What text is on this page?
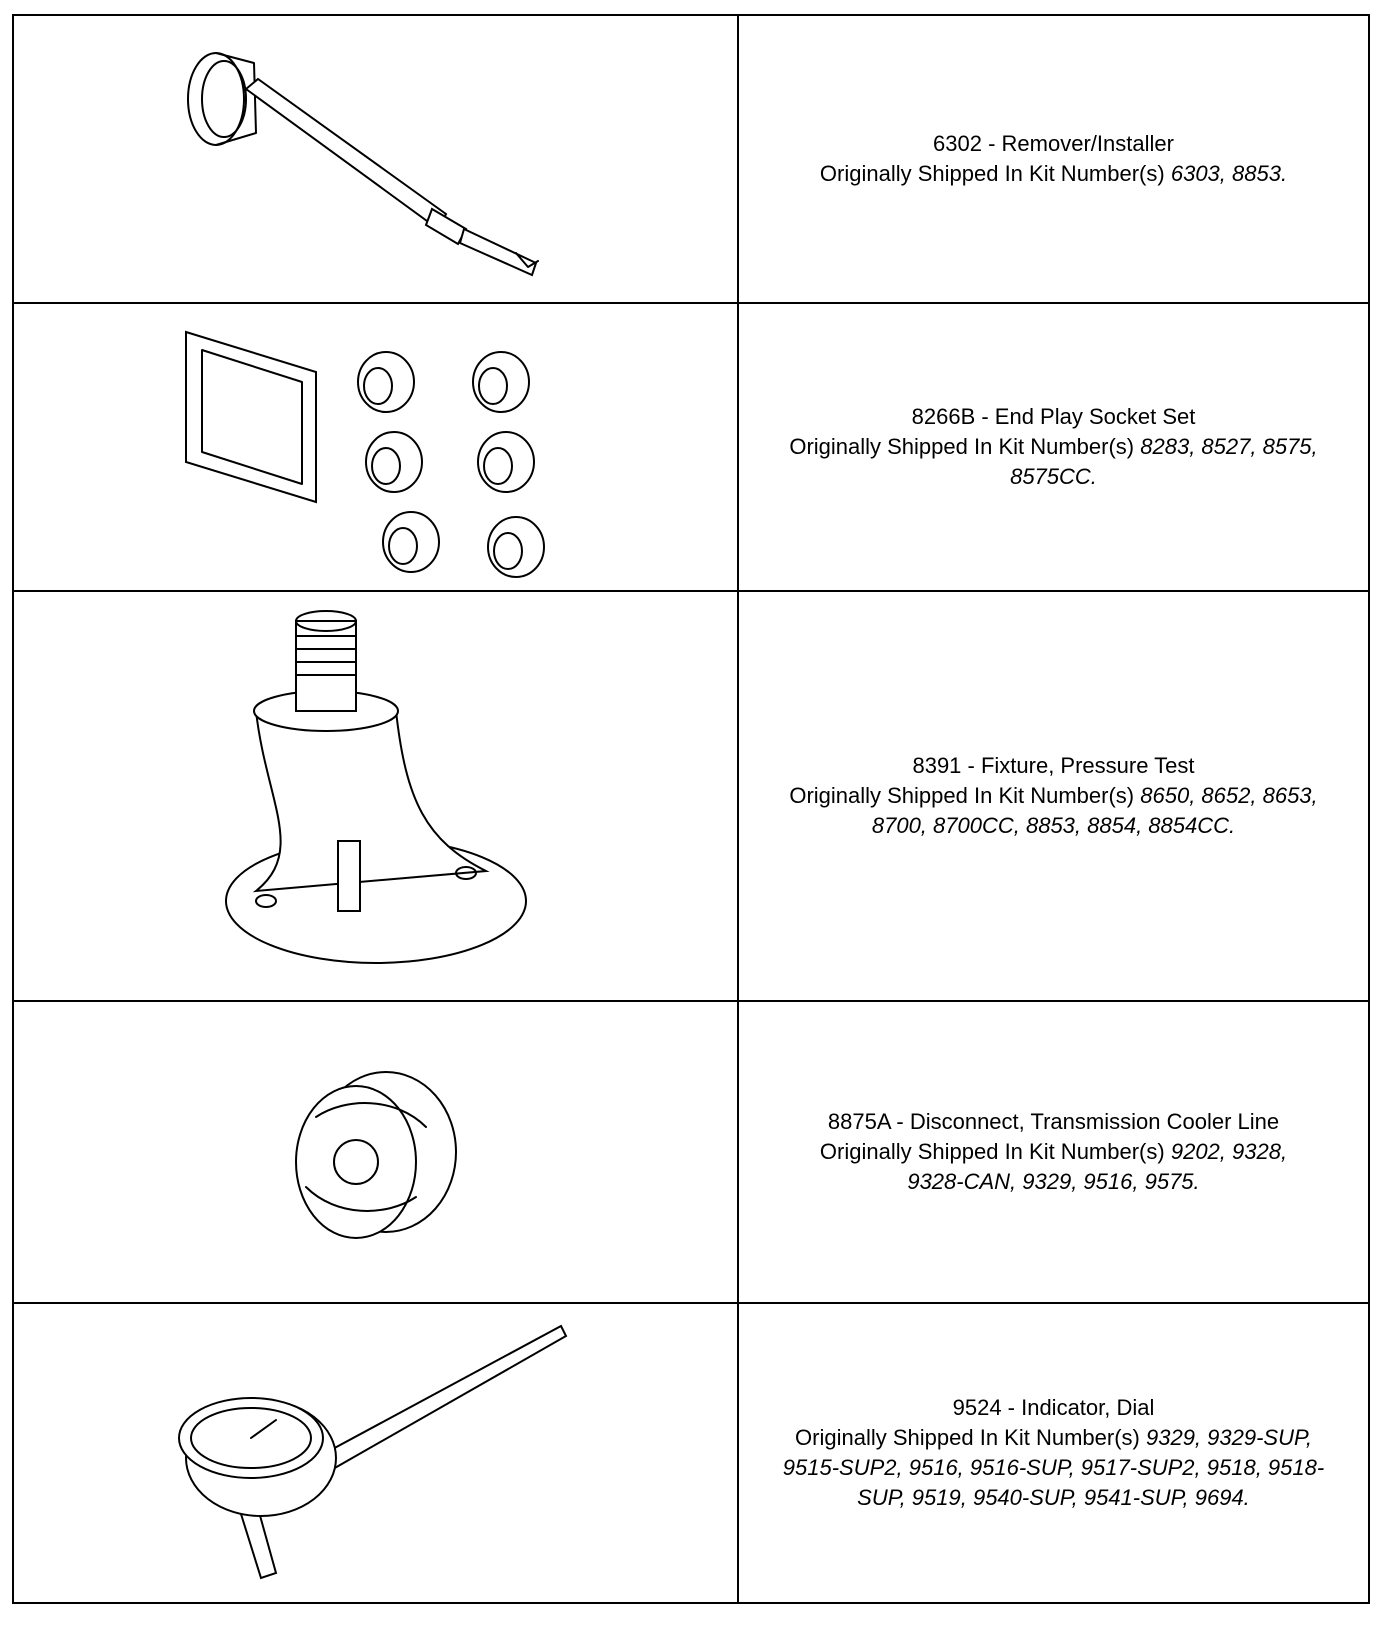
6302 - Remover/Installer
Originally Shipped In Kit Number(s) 6303, 8853.

8266B - End Play Socket Set
Originally Shipped In Kit Number(s) 8283, 8527, 8575,
8575CC.

8391 - Fixture, Pressure Test
Originally Shipped In Kit Number(s) 8650, 8652, 8653,
8700, 8700CC, 8853, 8854, 8854CC.

8875A - Disconnect, Transmission Cooler Line
Originally Shipped In Kit Number(s) 9202, 9328,
9328-CAN, 9329, 9516, 9575.

9524 - Indicator, Dial
Originally Shipped In Kit Number(s) 9329, 9329-SUP,
9515-SUP2, 9516, 9516-SUP, 9517-SUP2, 9518, 9518-SUP, 9519, 9540-SUP, 9541-SUP, 9694.
